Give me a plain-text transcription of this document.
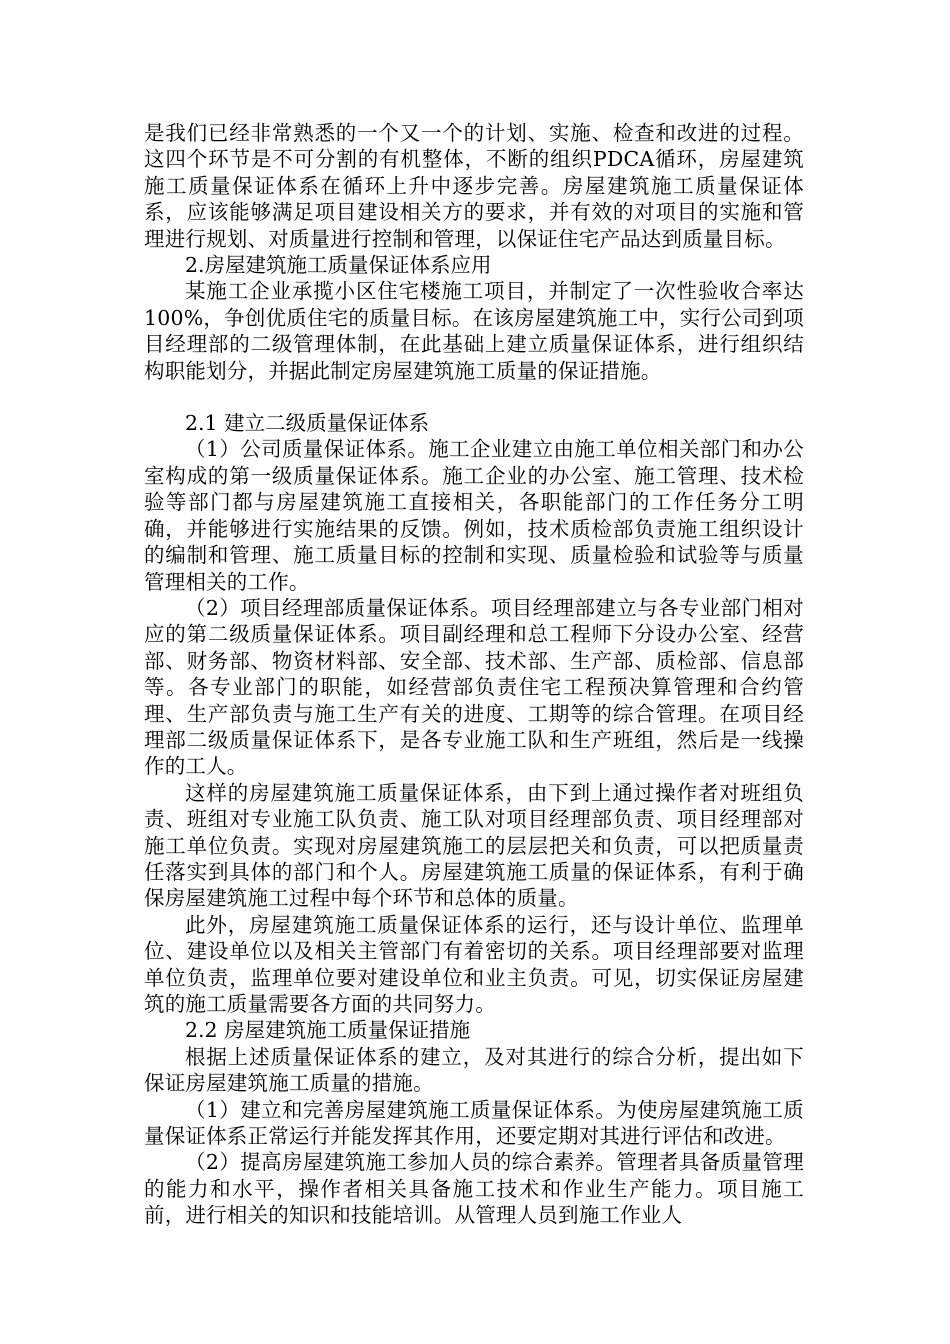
是我们已经非常熟悉的一个又一个的计划、实施、检查和改进的过程。这四个环节是不可分割的有机整体，不断的组织PDCA循环，房屋建筑施工质量保证体系在循环上升中逐步完善。房屋建筑施工质量保证体系，应该能够满足项目建设相关方的要求，并有效的对项目的实施和管理进行规划、对质量进行控制和管理，以保证住宅产品达到质量目标。

2.房屋建筑施工质量保证体系应用

某施工企业承揽小区住宅楼施工项目，并制定了一次性验收合率达100%，争创优质住宅的质量目标。在该房屋建筑施工中，实行公司到项目经理部的二级管理体制，在此基础上建立质量保证体系，进行组织结构职能划分，并据此制定房屋建筑施工质量的保证措施。

2.1 建立二级质量保证体系

（1）公司质量保证体系。施工企业建立由施工单位相关部门和办公室构成的第一级质量保证体系。施工企业的办公室、施工管理、技术检验等部门都与房屋建筑施工直接相关，各职能部门的工作任务分工明确，并能够进行实施结果的反馈。例如，技术质检部负责施工组织设计的编制和管理、施工质量目标的控制和实现、质量检验和试验等与质量管理相关的工作。

（2）项目经理部质量保证体系。项目经理部建立与各专业部门相对应的第二级质量保证体系。项目副经理和总工程师下分设办公室、经营部、财务部、物资材料部、安全部、技术部、生产部、质检部、信息部等。各专业部门的职能，如经营部负责住宅工程预决算管理和合约管理、生产部负责与施工生产有关的进度、工期等的综合管理。在项目经理部二级质量保证体系下，是各专业施工队和生产班组，然后是一线操作的工人。

这样的房屋建筑施工质量保证体系，由下到上通过操作者对班组负责、班组对专业施工队负责、施工队对项目经理部负责、项目经理部对施工单位负责。实现对房屋建筑施工的层层把关和负责，可以把质量责任落实到具体的部门和个人。房屋建筑施工质量的保证体系，有利于确保房屋建筑施工过程中每个环节和总体的质量。

此外，房屋建筑施工质量保证体系的运行，还与设计单位、监理单位、建设单位以及相关主管部门有着密切的关系。项目经理部要对监理单位负责，监理单位要对建设单位和业主负责。可见，切实保证房屋建筑的施工质量需要各方面的共同努力。

2.2 房屋建筑施工质量保证措施

根据上述质量保证体系的建立，及对其进行的综合分析，提出如下保证房屋建筑施工质量的措施。

（1）建立和完善房屋建筑施工质量保证体系。为使房屋建筑施工质量保证体系正常运行并能发挥其作用，还要定期对其进行评估和改进。

（2）提高房屋建筑施工参加人员的综合素养。管理者具备质量管理的能力和水平，操作者相关具备施工技术和作业生产能力。项目施工前，进行相关的知识和技能培训。从管理人员到施工作业人
